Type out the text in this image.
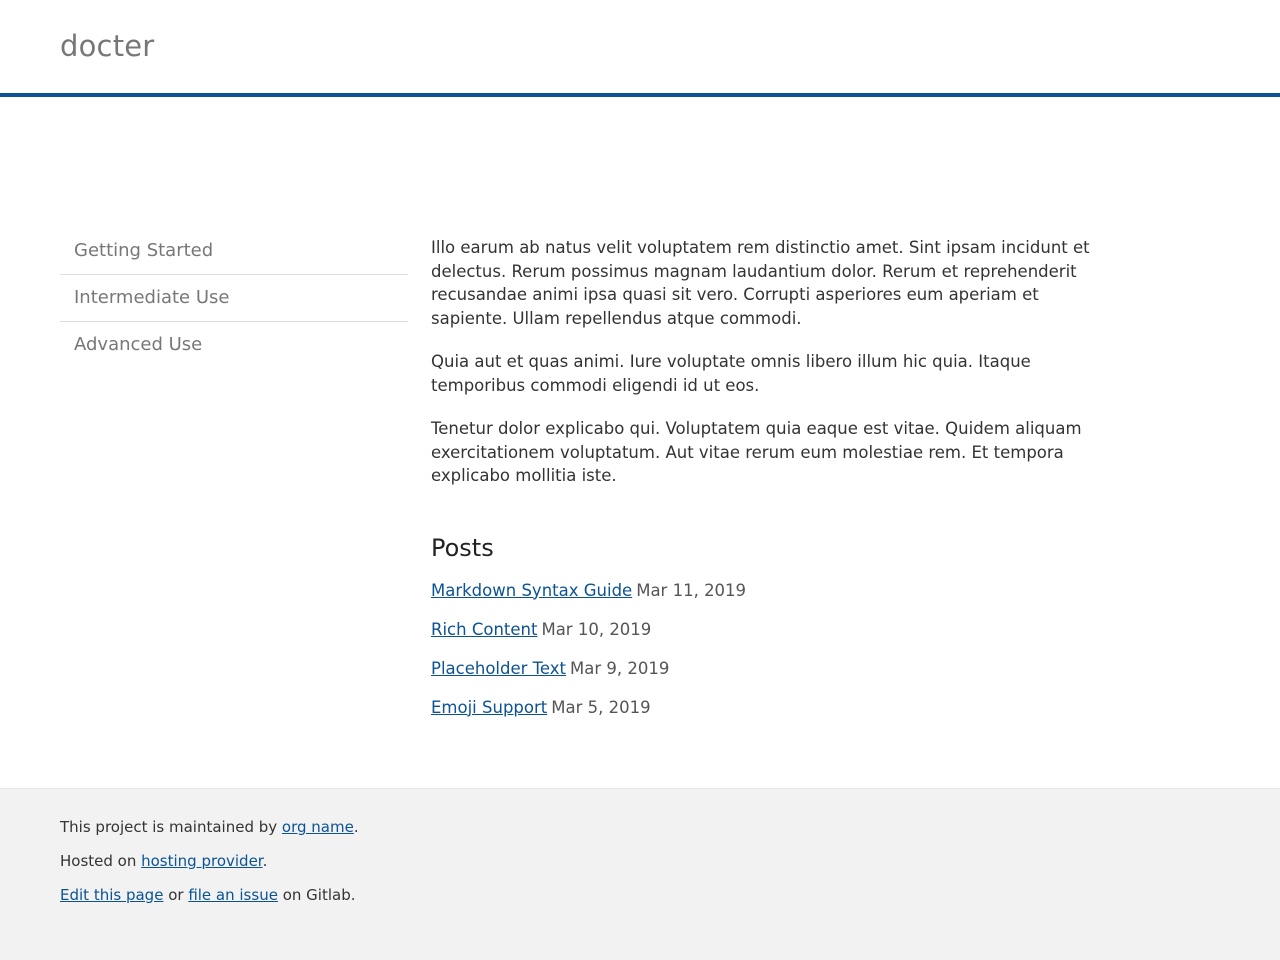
docter
Getting Started
Intermediate Use
Advanced Use

Illo earum ab natus velit voluptatem rem distinctio amet. Sint ipsam incidunt et delectus. Rerum possimus magnam laudantium dolor. Rerum et reprehenderit recusandae animi ipsa quasi sit vero. Corrupti asperiores eum aperiam et sapiente. Ullam repellendus atque commodi.

Quia aut et quas animi. Iure voluptate omnis libero illum hic quia. Itaque temporibus commodi eligendi id ut eos.

Tenetur dolor explicabo qui. Voluptatem quia eaque est vitae. Quidem aliquam exercitationem voluptatum. Aut vitae rerum eum molestiae rem. Et tempora explicabo mollitia iste.

Posts
Markdown Syntax Guide Mar 11, 2019
Rich Content Mar 10, 2019
Placeholder Text Mar 9, 2019
Emoji Support Mar 5, 2019

This project is maintained by org name.

Hosted on hosting provider.

Edit this page or file an issue on Gitlab.
